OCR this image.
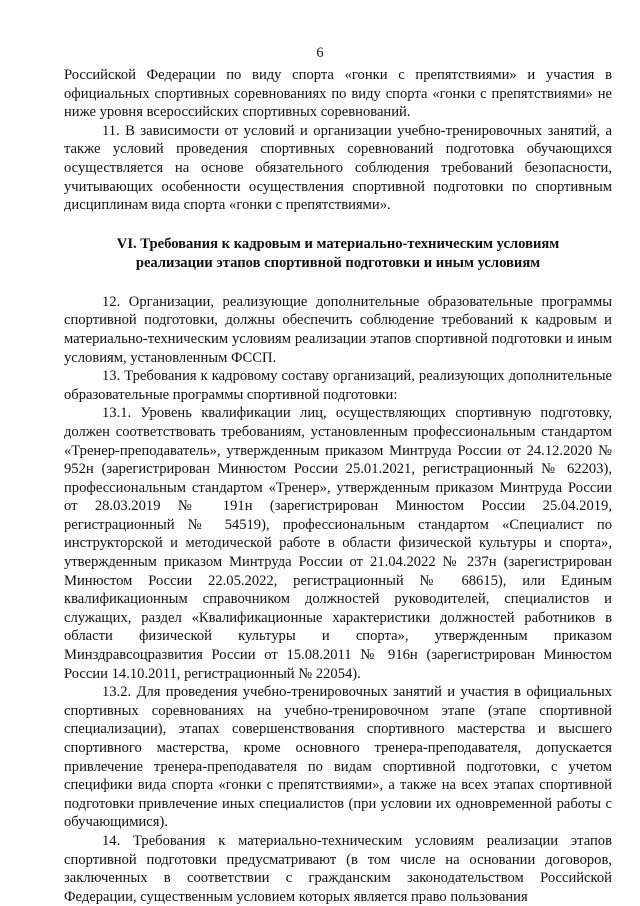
6

Российской Федерации по виду спорта «гонки с препятствиями» и участия в официальных спортивных соревнованиях по виду спорта «гонки с препятствиями» не ниже уровня всероссийских спортивных соревнований.

11. В зависимости от условий и организации учебно-тренировочных занятий, а также условий проведения спортивных соревнований подготовка обучающихся осуществляется на основе обязательного соблюдения требований безопасности, учитывающих особенности осуществления спортивной подготовки по спортивным дисциплинам вида спорта «гонки с препятствиями».

VI. Требования к кадровым и материально-техническим условиям

реализации этапов спортивной подготовки и иным условиям

12. Организации, реализующие дополнительные образовательные программы спортивной подготовки, должны обеспечить соблюдение требований к кадровым и материально-техническим условиям реализации этапов спортивной подготовки и иным условиям, установленным ФССП.

13. Требования к кадровому составу организаций, реализующих дополнительные образовательные программы спортивной подготовки:

13.1. Уровень квалификации лиц, осуществляющих спортивную подготовку, должен соответствовать требованиям, установленным профессиональным стандартом «Тренер-преподаватель», утвержденным приказом Минтруда России от 24.12.2020 № 952н (зарегистрирован Минюстом России 25.01.2021, регистрационный № 62203), профессиональным стандартом «Тренер», утвержденным приказом Минтруда России от 28.03.2019 № 191н (зарегистрирован Минюстом России 25.04.2019, регистрационный № 54519), профессиональным стандартом «Специалист по инструкторской и методической работе в области физической культуры и спорта», утвержденным приказом Минтруда России от 21.04.2022 № 237н (зарегистрирован Минюстом России 22.05.2022, регистрационный № 68615), или Единым квалификационным справочником должностей руководителей, специалистов и служащих, раздел «Квалификационные характеристики должностей работников в области физической культуры и спорта», утвержденным приказом Минздравсоцразвития России от 15.08.2011 № 916н (зарегистрирован Минюстом России 14.10.2011, регистрационный № 22054).

13.2. Для проведения учебно-тренировочных занятий и участия в официальных спортивных соревнованиях на учебно-тренировочном этапе (этапе спортивной специализации), этапах совершенствования спортивного мастерства и высшего спортивного мастерства, кроме основного тренера-преподавателя, допускается привлечение тренера-преподавателя по видам спортивной подготовки, с учетом специфики вида спорта «гонки с препятствиями», а также на всех этапах спортивной подготовки привлечение иных специалистов (при условии их одновременной работы с обучающимися).

14. Требования к материально-техническим условиям реализации этапов спортивной подготовки предусматривают (в том числе на основании договоров, заключенных в соответствии с гражданским законодательством Российской Федерации, существенным условием которых является право пользования
